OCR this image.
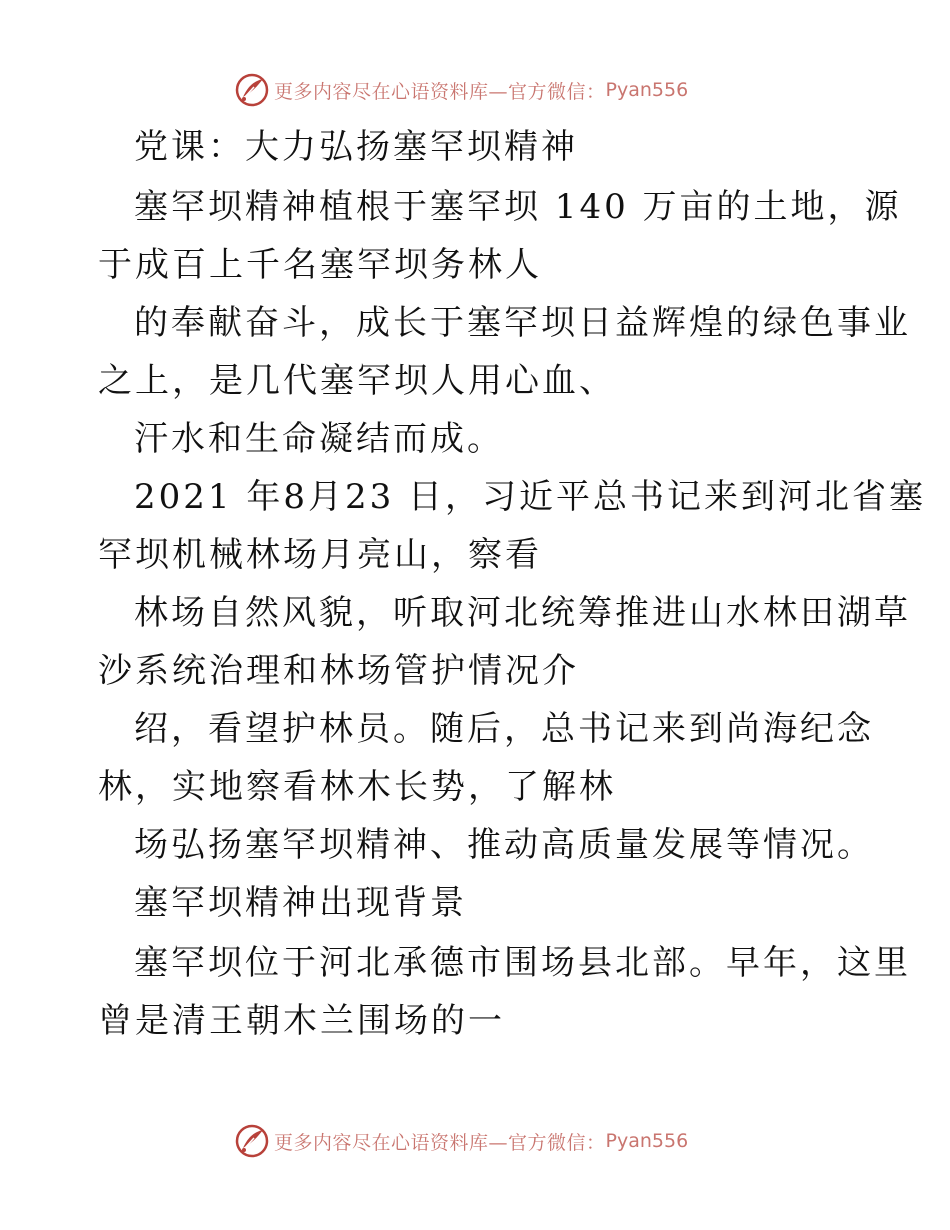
更多内容尽在心语资料库—官方微信： Pyan556
党课：大力弘扬塞罕坝精神
塞罕坝精神植根于塞罕坝 140 万亩的土地，源
于成百上千名塞罕坝务林人
的奉献奋斗，成长于塞罕坝日益辉煌的绿色事业
之上，是几代塞罕坝人用心血、
汗水和生命凝结而成。
2021 年8月23 日，习近平总书记来到河北省塞
罕坝机械林场月亮山，察看
林场自然风貌，听取河北统筹推进山水林田湖草
沙系统治理和林场管护情况介
绍，看望护林员。随后，总书记来到尚海纪念
林，实地察看林木长势，了解林
场弘扬塞罕坝精神、推动高质量发展等情况。
塞罕坝精神出现背景
塞罕坝位于河北承德市围场县北部。早年，这里
曾是清王朝木兰围场的一
更多内容尽在心语资料库—官方微信： Pyan556
